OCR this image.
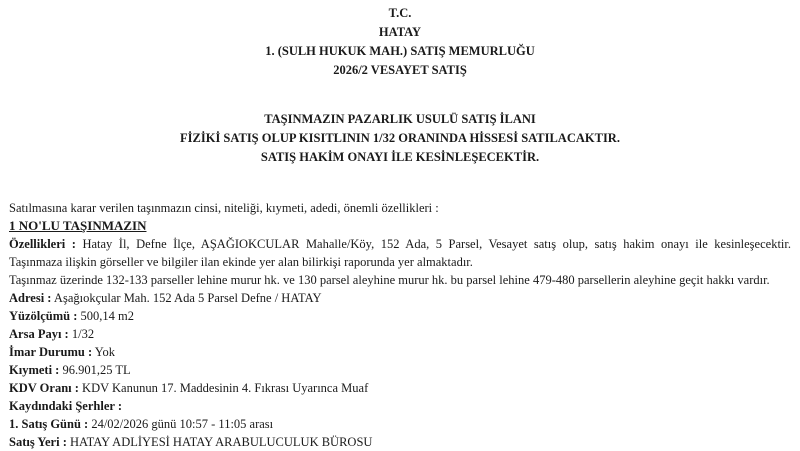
T.C.
HATAY
1. (SULH HUKUK MAH.) SATIŞ MEMURLUĞU
2026/2 VESAYET SATIŞ
TAŞINMAZIN PAZARLIK USULÜ SATIŞ İLANI
FİZİKİ SATIŞ OLUP KISITLININ 1/32 ORANINDA HİSSESİ SATILACAKTIR.
SATIŞ HAKİM ONAYI İLE KESİNLEŞECEKTİR.
Satılmasına karar verilen taşınmazın cinsi, niteliği, kıymeti, adedi, önemli özellikleri :
1 NO'LU TAŞINMAZIN
Özellikleri : Hatay İl, Defne İlçe, AŞAĞIOKCULAR Mahalle/Köy, 152 Ada, 5 Parsel, Vesayet satış olup, satış hakim onayı ile kesinleşecektir.
Taşınmaza ilişkin görseller ve bilgiler ilan ekinde yer alan bilirkişi raporunda yer almaktadır.
Taşınmaz üzerinde 132-133 parseller lehine murur hk. ve 130 parsel aleyhine murur hk. bu parsel lehine 479-480 parsellerin aleyhine geçit hakkı vardır.
Adresi : Aşağıokçular Mah. 152 Ada 5 Parsel Defne / HATAY
Yüzölçümü : 500,14 m2
Arsa Payı : 1/32
İmar Durumu : Yok
Kıymeti : 96.901,25 TL
KDV Oranı : KDV Kanunun 17. Maddesinin 4. Fıkrası Uyarınca Muaf
Kaydındaki Şerhler :
1. Satış Günü : 24/02/2026 günü 10:57 - 11:05 arası
Satış Yeri : HATAY ADLİYESİ HATAY ARABULUCULUK BÜROSU
